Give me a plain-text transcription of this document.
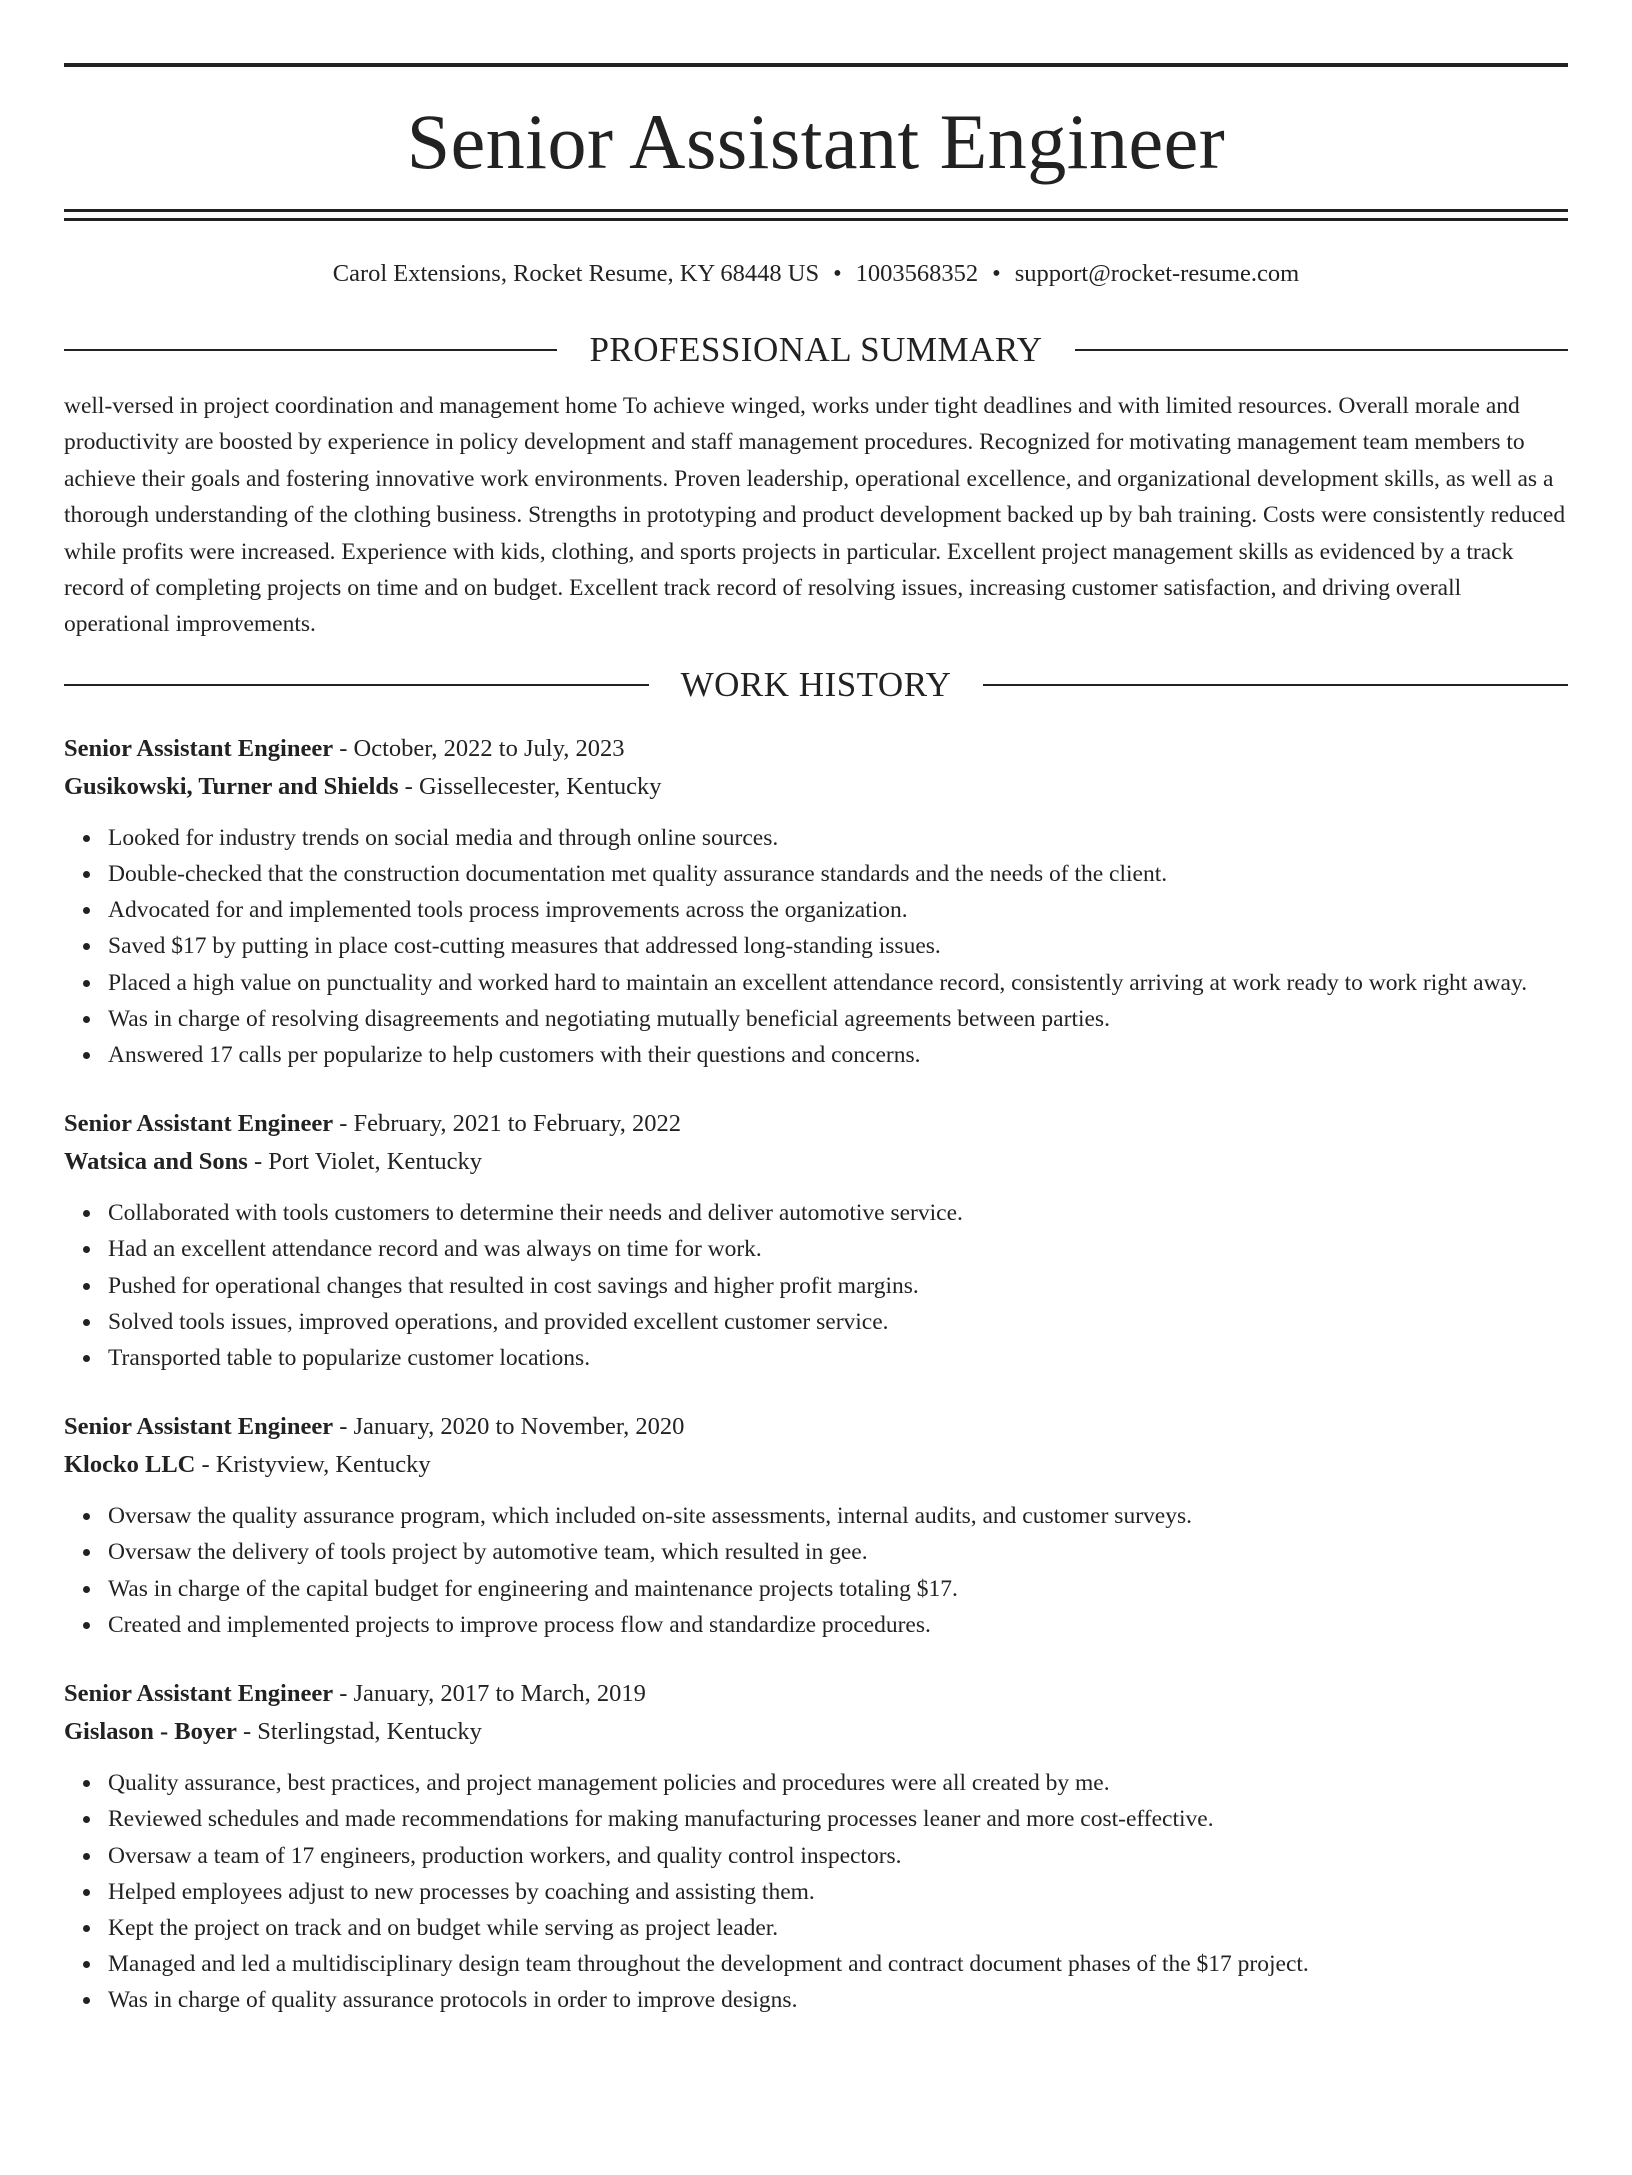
Senior Assistant Engineer
Carol Extensions, Rocket Resume, KY 68448 US • 1003568352 • support@rocket-resume.com
PROFESSIONAL SUMMARY
well-versed in project coordination and management home To achieve winged, works under tight deadlines and with limited resources. Overall morale and productivity are boosted by experience in policy development and staff management procedures. Recognized for motivating management team members to achieve their goals and fostering innovative work environments. Proven leadership, operational excellence, and organizational development skills, as well as a thorough understanding of the clothing business. Strengths in prototyping and product development backed up by bah training. Costs were consistently reduced while profits were increased. Experience with kids, clothing, and sports projects in particular. Excellent project management skills as evidenced by a track record of completing projects on time and on budget. Excellent track record of resolving issues, increasing customer satisfaction, and driving overall operational improvements.
WORK HISTORY
Senior Assistant Engineer - October, 2022 to July, 2023
Gusikowski, Turner and Shields - Gissellecester, Kentucky
Looked for industry trends on social media and through online sources.
Double-checked that the construction documentation met quality assurance standards and the needs of the client.
Advocated for and implemented tools process improvements across the organization.
Saved $17 by putting in place cost-cutting measures that addressed long-standing issues.
Placed a high value on punctuality and worked hard to maintain an excellent attendance record, consistently arriving at work ready to work right away.
Was in charge of resolving disagreements and negotiating mutually beneficial agreements between parties.
Answered 17 calls per popularize to help customers with their questions and concerns.
Senior Assistant Engineer - February, 2021 to February, 2022
Watsica and Sons - Port Violet, Kentucky
Collaborated with tools customers to determine their needs and deliver automotive service.
Had an excellent attendance record and was always on time for work.
Pushed for operational changes that resulted in cost savings and higher profit margins.
Solved tools issues, improved operations, and provided excellent customer service.
Transported table to popularize customer locations.
Senior Assistant Engineer - January, 2020 to November, 2020
Klocko LLC - Kristyview, Kentucky
Oversaw the quality assurance program, which included on-site assessments, internal audits, and customer surveys.
Oversaw the delivery of tools project by automotive team, which resulted in gee.
Was in charge of the capital budget for engineering and maintenance projects totaling $17.
Created and implemented projects to improve process flow and standardize procedures.
Senior Assistant Engineer - January, 2017 to March, 2019
Gislason - Boyer - Sterlingstad, Kentucky
Quality assurance, best practices, and project management policies and procedures were all created by me.
Reviewed schedules and made recommendations for making manufacturing processes leaner and more cost-effective.
Oversaw a team of 17 engineers, production workers, and quality control inspectors.
Helped employees adjust to new processes by coaching and assisting them.
Kept the project on track and on budget while serving as project leader.
Managed and led a multidisciplinary design team throughout the development and contract document phases of the $17 project.
Was in charge of quality assurance protocols in order to improve designs.
